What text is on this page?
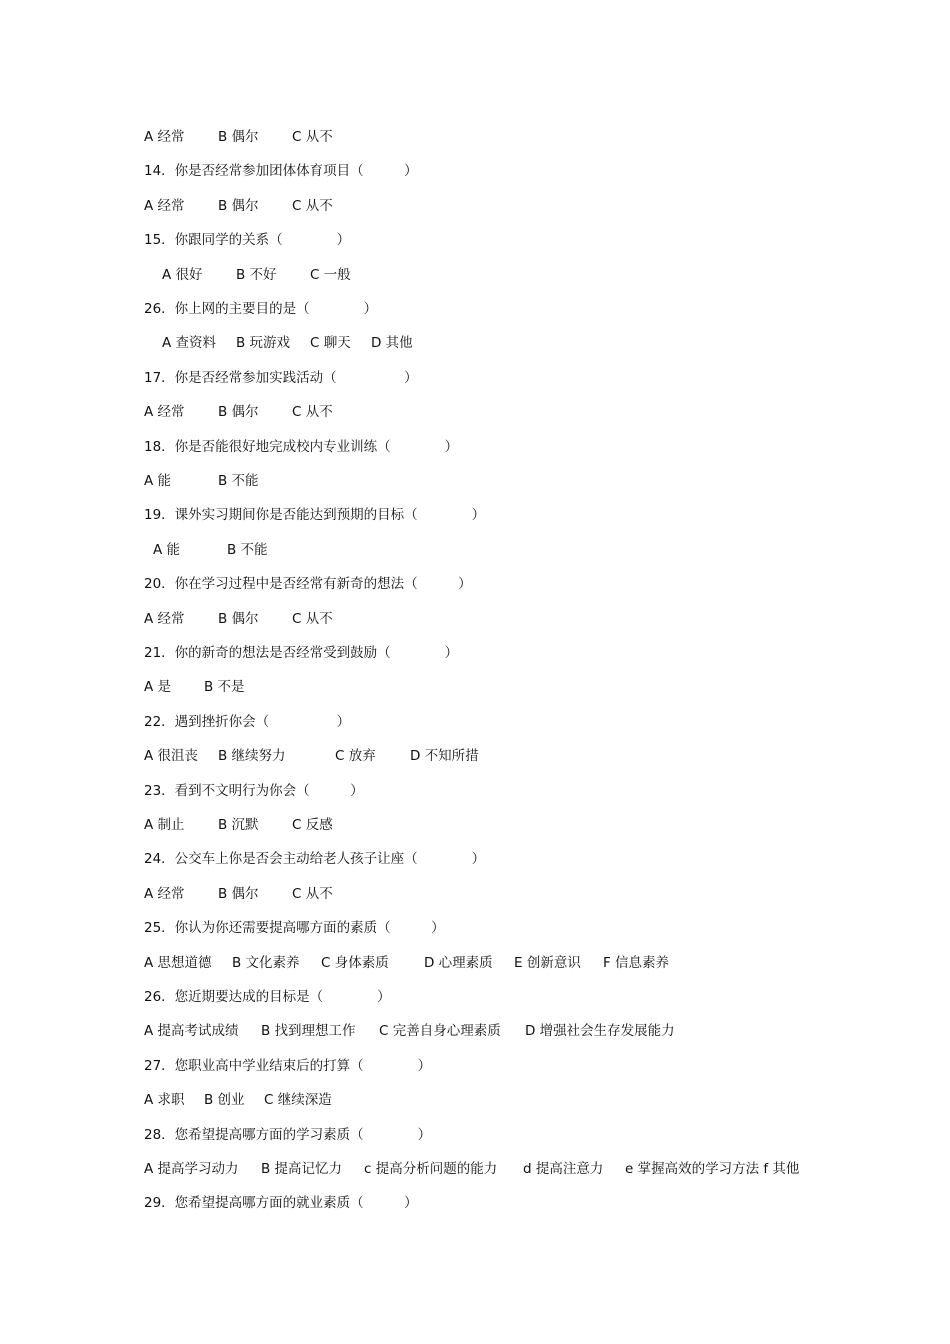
A 经常 B 偶尔 C 从不
14．你是否经常参加团体体育项目（　　　）
A 经常 B 偶尔 C 从不
15．你跟同学的关系（　　　　）
A 很好 B 不好 C 一般
26．你上网的主要目的是（　　　　）
A 查资料 B 玩游戏 C 聊天 D 其他
17．你是否经常参加实践活动（　　　　　）
A 经常 B 偶尔 C 从不
18．你是否能很好地完成校内专业训练（　　　　）
A 能	B 不能
19．课外实习期间你是否能达到预期的目标（　　　　）
A 能	B 不能
20．你在学习过程中是否经常有新奇的想法（　　　）
A 经常 B 偶尔 C 从不
21．你的新奇的想法是否经常受到鼓励（　　　　）
A 是 B 不是
22．遇到挫折你会（　　　　　）
A 很沮丧 B 继续努力	C 放弃	D 不知所措
23．看到不文明行为你会（　　　）
A 制止 B 沉默 C 反感
24．公交车上你是否会主动给老人孩子让座（　　　　）
A 经常 B 偶尔 C 从不
25．你认为你还需要提高哪方面的素质（　　　）
A 思想道德 B 文化素养 C 身体素质	D 心理素质 E 创新意识 F 信息素养
26．您近期要达成的目标是（　　　　）
A 提高考试成绩 B 找到理想工作 C 完善自身心理素质 D 增强社会生存发展能力
27．您职业高中学业结束后的打算（　　　　）
A 求职 B 创业 C 继续深造
28．您希望提高哪方面的学习素质（　　　　）
A 提高学习动力 B 提高记忆力 c 提高分析问题的能力 d 提高注意力 e 掌握高效的学习方法 f 其他
29．您希望提高哪方面的就业素质（　　　）
